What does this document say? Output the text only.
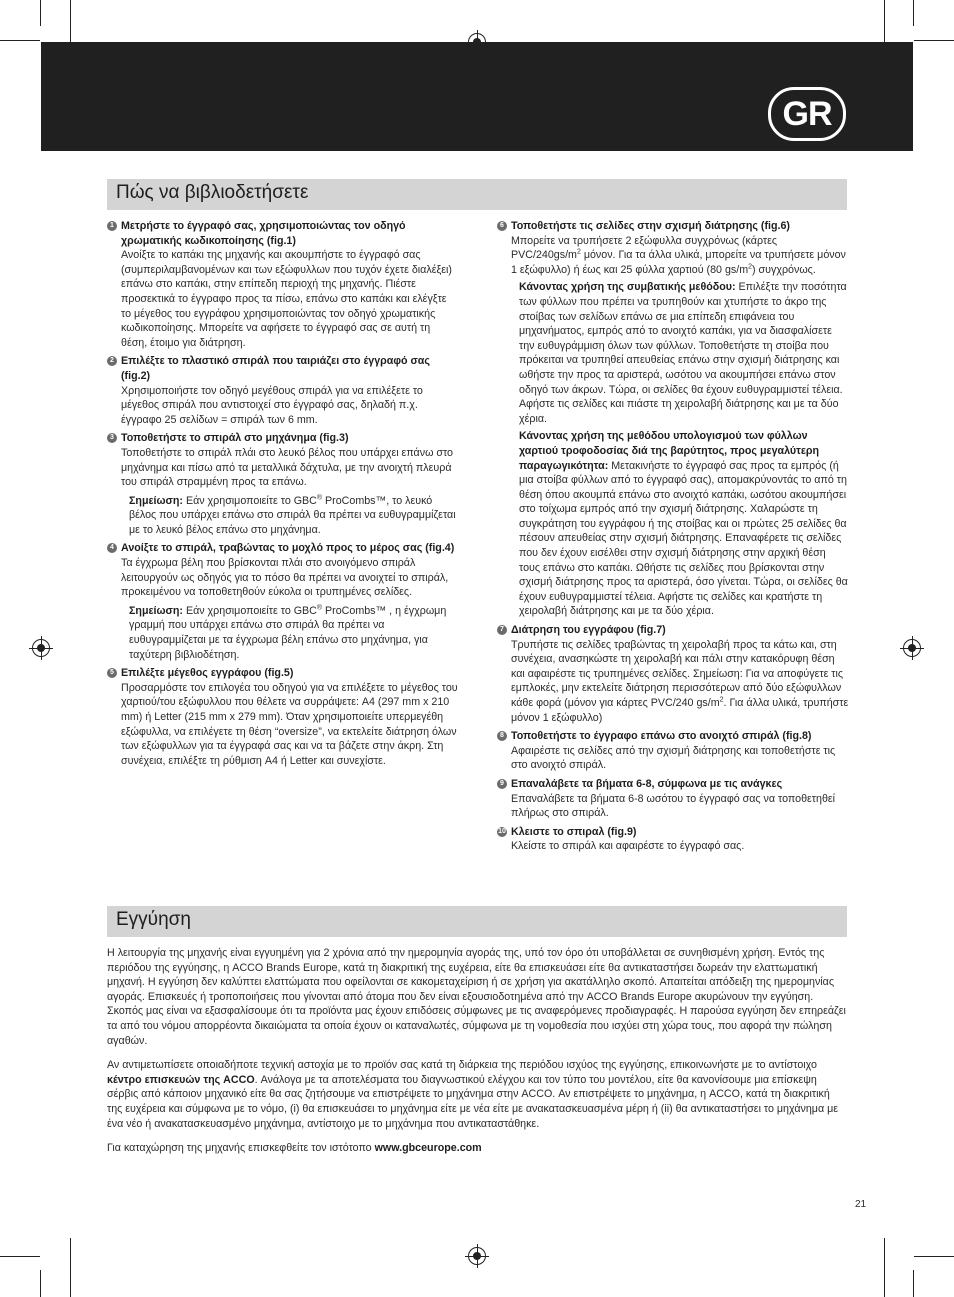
GR
Πώς να βιβλιοδετήσετε
1 Μετρήστε το έγγραφό σας, χρησιμοποιώντας τον οδηγό χρωματικής κωδικοποίησης (fig.1)
Ανοίξτε το καπάκι της μηχανής και ακουμπήστε το έγγραφό σας (συμπεριλαμβανομένων και των εξώφυλλων που τυχόν έχετε διαλέξει) επάνω στο καπάκι, στην επίπεδη περιοχή της μηχανής. Πιέστε προσεκτικά το έγγραφο προς τα πίσω, επάνω στο καπάκι και ελέγξτε το μέγεθος του εγγράφου χρησιμοποιώντας τον οδηγό χρωματικής κωδικοποίησης. Μπορείτε να αφήσετε το έγγραφό σας σε αυτή τη θέση, έτοιμο για διάτρηση.
2 Επιλέξτε το πλαστικό σπιράλ που ταιριάζει στο έγγραφό σας (fig.2)
Χρησιμοποιήστε τον οδηγό μεγέθους σπιράλ για να επιλέξετε το μέγεθος σπιράλ που αντιστοιχεί στο έγγραφό σας, δηλαδή π.χ. έγγραφο 25 σελίδων = σπιράλ των 6 mm.
3 Τοποθετήστε το σπιράλ στο μηχάνημα (fig.3)
Τοποθετήστε το σπιράλ πλάι στο λευκό βέλος που υπάρχει επάνω στο μηχάνημα και πίσω από τα μεταλλικά δάχτυλα, με την ανοιχτή πλευρά του σπιράλ στραμμένη προς τα επάνω.
Σημείωση: Εάν χρησιμοποιείτε το GBC® ProCombs™, το λευκό βέλος που υπάρχει επάνω στο σπιράλ θα πρέπει να ευθυγραμμίζεται με το λευκό βέλος επάνω στο μηχάνημα.
4 Ανοίξτε το σπιράλ, τραβώντας το μοχλό προς το μέρος σας (fig.4)
Τα έγχρωμα βέλη που βρίσκονται πλάι στο ανοιγόμενο σπιράλ λειτουργούν ως οδηγός για το πόσο θα πρέπει να ανοιχτεί το σπιράλ, προκειμένου να τοποθετηθούν εύκολα οι τρυπημένες σελίδες.
Σημείωση: Εάν χρησιμοποιείτε το GBC® ProCombs™ , η έγχρωμη γραμμή που υπάρχει επάνω στο σπιράλ θα πρέπει να ευθυγραμμίζεται με τα έγχρωμα βέλη επάνω στο μηχάνημα, για ταχύτερη βιβλιοδέτηση.
5 Επιλέξτε μέγεθος εγγράφου (fig.5)
Προσαρμόστε τον επιλογέα του οδηγού για να επιλέξετε το μέγεθος του χαρτιού/του εξώφυλλου που θέλετε να συρράψετε: A4 (297 mm x 210 mm) ή Letter (215 mm x 279 mm). Όταν χρησιμοποιείτε υπερμεγέθη εξώφυλλα, να επιλέγετε τη θέση “oversize”, να εκτελείτε διάτρηση όλων των εξώφυλλων για τα έγγραφά σας και να τα βάζετε στην άκρη. Στη συνέχεια, επιλέξτε τη ρύθμιση A4 ή Letter και συνεχίστε.
6 Τοποθετήστε τις σελίδες στην σχισμή διάτρησης (fig.6)
Μπορείτε να τρυπήσετε 2 εξώφυλλα συγχρόνως (κάρτες PVC/$240gs/m^2$ μόνον. Για τα άλλα υλικά, μπορείτε να τρυπήσετε μόνον 1 εξώφυλλο) ή έως και 25 φύλλα χαρτιού (80 $gs/m^2$) συγχρόνως.
Κάνοντας χρήση της συμβατικής μεθόδου: Επιλέξτε την ποσότητα των φύλλων που πρέπει να τρυπηθούν και χτυπήστε το άκρο της στοίβας των σελίδων επάνω σε μια επίπεδη επιφάνεια του μηχανήματος, εμπρός από το ανοιχτό καπάκι, για να διασφαλίσετε την ευθυγράμμιση όλων των φύλλων. Τοποθετήστε τη στοίβα που πρόκειται να τρυπηθεί απευθείας επάνω στην σχισμή διάτρησης και ωθήστε την προς τα αριστερά, ωσότου να ακουμπήσει επάνω στον οδηγό των άκρων. Τώρα, οι σελίδες θα έχουν ευθυγραμμιστεί τέλεια. Αφήστε τις σελίδες και πιάστε τη χειρολαβή διάτρησης και με τα δύο χέρια.
Κάνοντας χρήση της μεθόδου υπολογισμού των φύλλων χαρτιού τροφοδοσίας διά της βαρύτητος, προς μεγαλύτερη παραγωγικότητα: Μετακινήστε το έγγραφό σας προς τα εμπρός (ή μια στοίβα φύλλων από το έγγραφό σας), απομακρύνοντάς το από τη θέση όπου ακουμπά επάνω στο ανοιχτό καπάκι, ωσότου ακουμπήσει στο τοίχωμα εμπρός από την σχισμή διάτρησης. Χαλαρώστε τη συγκράτηση του εγγράφου ή της στοίβας και οι πρώτες 25 σελίδες θα πέσουν απευθείας στην σχισμή διάτρησης. Επαναφέρετε τις σελίδες που δεν έχουν εισέλθει στην σχισμή διάτρησης στην αρχική θέση τους επάνω στο καπάκι. Ωθήστε τις σελίδες που βρίσκονται στην σχισμή διάτρησης προς τα αριστερά, όσο γίνεται. Τώρα, οι σελίδες θα έχουν ευθυγραμμιστεί τέλεια. Αφήστε τις σελίδες και κρατήστε τη χειρολαβή διάτρησης και με τα δύο χέρια.
7 Διάτρηση του εγγράφου (fig.7)
Τρυπήστε τις σελίδες τραβώντας τη χειρολαβή προς τα κάτω και, στη συνέχεια, ανασηκώστε τη χειρολαβή και πάλι στην κατακόρυφη θέση και αφαιρέστε τις τρυπημένες σελίδες. Σημείωση: Για να αποφύγετε τις εμπλοκές, μην εκτελείτε διάτρηση περισσότερων από δύο εξώφυλλων κάθε φορά (μόνον για κάρτες PVC/240 $gs/m^2$. Για άλλα υλικά, τρυπήστε μόνον 1 εξώφυλλο)
8 Τοποθετήστε το έγγραφο επάνω στο ανοιχτό σπιράλ (fig.8)
Αφαιρέστε τις σελίδες από την σχισμή διάτρησης και τοποθετήστε τις στο ανοιχτό σπιράλ.
9 Επαναλάβετε τα βήματα 6-8, σύμφωνα με τις ανάγκες
Επαναλάβετε τα βήματα 6-8 ωσότου το έγγραφό σας να τοποθετηθεί πλήρως στο σπιράλ.
10 Κλειστε το σπιραλ (fig.9)
Κλείστε το σπιράλ και αφαιρέστε το έγγραφό σας.
Εγγύηση

Η λειτουργία της μηχανής είναι εγγυημένη για 2 χρόνια από την ημερομηνία αγοράς της, υπό τον όρο ότι υποβάλλεται σε συνηθισμένη χρήση. Εντός της περιόδου της εγγύησης, η ACCO Brands Europe, κατά τη διακριτική της ευχέρεια, είτε θα επισκευάσει είτε θα αντικαταστήσει δωρεάν την ελαττωματική μηχανή. Η εγγύηση δεν καλύπτει ελαττώματα που οφείλονται σε κακομεταχείριση ή σε χρήση για ακατάλληλο σκοπό. Απαιτείται απόδειξη της ημερομηνίας αγοράς. Επισκευές ή τροποποιήσεις που γίνονται από άτομα που δεν είναι εξουσιοδοτημένα από την ACCO Brands Europe ακυρώνουν την εγγύηση. Σκοπός μας είναι να εξασφαλίσουμε ότι τα προϊόντα μας έχουν επιδόσεις σύμφωνες με τις αναφερόμενες προδιαγραφές. Η παρούσα εγγύηση δεν επηρεάζει τα από του νόμου απορρέοντα δικαιώματα τα οποία έχουν οι καταναλωτές, σύμφωνα με τη νομοθεσία που ισχύει στη χώρα τους, που αφορά την πώληση αγαθών.

Αν αντιμετωπίσετε οποιαδήποτε τεχνική αστοχία με το προϊόν σας κατά τη διάρκεια της περιόδου ισχύος της εγγύησης, επικοινωνήστε με το αντίστοιχο κέντρο επισκευών της ACCO. Ανάλογα με τα αποτελέσματα του διαγνωστικού ελέγχου και τον τύπο του μοντέλου, είτε θα κανονίσουμε μια επίσκεψη σέρβις από κάποιον μηχανικό είτε θα σας ζητήσουμε να επιστρέψετε το μηχάνημα στην ACCO. Αν επιστρέψετε το μηχάνημα, η ACCO, κατά τη διακριτική της ευχέρεια και σύμφωνα με το νόμο, (i) θα επισκευάσει το μηχάνημα είτε με νέα είτε με ανακατασκευασμένα μέρη ή (ii) θα αντικαταστήσει το μηχάνημα με ένα νέο ή ανακατασκευασμένο μηχάνημα, αντίστοιχο με το μηχάνημα που αντικαταστάθηκε.

Για καταχώρηση της μηχανής επισκεφθείτε τον ιστότοπο www.gbceurope.com

21
